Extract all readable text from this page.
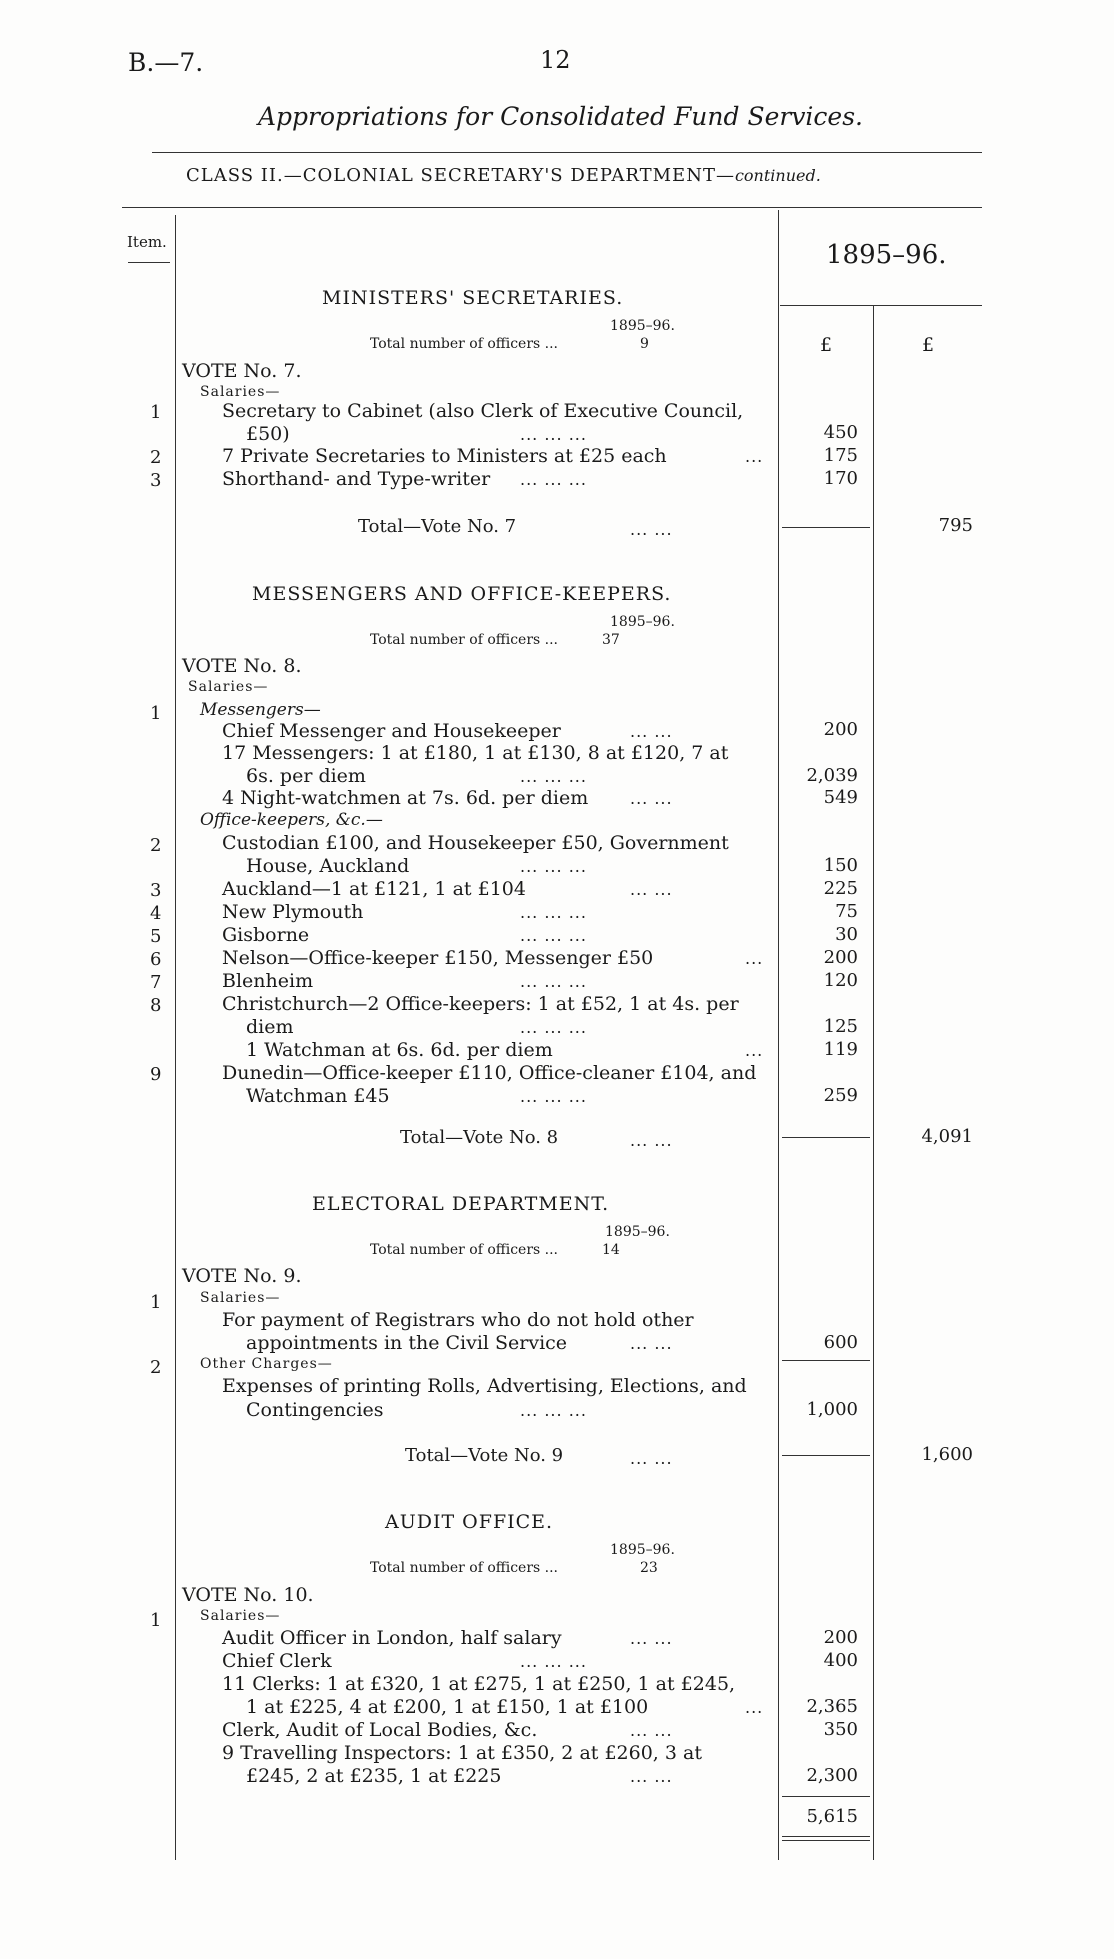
B.—7.	12
Appropriations for Consolidated Fund Services.
CLASS II.—COLONIAL SECRETARY'S DEPARTMENT—continued.
Item.	1895–96.
£	£
MINISTERS' SECRETARIES.
1895–96.
Total number of officers ...	9
VOTE No. 7.
Salaries—
1	Secretary to Cabinet (also Clerk of Executive Council,
£50)	... ... ...	450
2	7 Private Secretaries to Ministers at £25 each	...	175
3	Shorthand- and Type-writer ... ... ...	170
Total—Vote No. 7	... ...	795
MESSENGERS AND OFFICE-KEEPERS.
1895–96.
Total number of officers ...	37
VOTE No. 8.
Salaries—
1 Messengers—
Chief Messenger and Housekeeper	... ...	200
17 Messengers: 1 at £180, 1 at £130, 8 at £120, 7 at
6s. per diem	... ... ...	2,039
4 Night-watchmen at 7s. 6d. per diem	... ...	549
Office-keepers, &c.—
2	Custodian £100, and Housekeeper £50, Government
House, Auckland	... ... ...	150
3	Auckland—1 at £121, 1 at £104	... ...	225
4	New Plymouth	... ... ...	75
5	Gisborne	... ... ...	30
6	Nelson—Office-keeper £150, Messenger £50	...	200
7	Blenheim	... ... ...	120
8	Christchurch—2 Office-keepers: 1 at £52, 1 at 4s. per
diem	... ... ...	125
1 Watchman at 6s. 6d. per diem	...	119
9	Dunedin—Office-keeper £110, Office-cleaner £104, and
Watchman £45	... ... ...	259
Total—Vote No. 8	... ...	4,091
ELECTORAL DEPARTMENT.
1895–96.
Total number of officers ...	14
VOTE No. 9.
1	Salaries—
For payment of Registrars who do not hold other
appointments in the Civil Service	... ...	600
2	Other Charges—
Expenses of printing Rolls, Advertising, Elections, and
Contingencies	... ... ...	1,000
Total—Vote No. 9	... ...	1,600
AUDIT OFFICE.
1895–96.
Total number of officers ...	23
VOTE No. 10.
1	Salaries—
Audit Officer in London, half salary	... ...	200
Chief Clerk	... ... ...	400
11 Clerks: 1 at £320, 1 at £275, 1 at £250, 1 at £245,
1 at £225, 4 at £200, 1 at £150, 1 at £100	...	2,365
Clerk, Audit of Local Bodies, &c.	... ...	350
9 Travelling Inspectors: 1 at £350, 2 at £260, 3 at
£245, 2 at £235, 1 at £225	... ...	2,300
5,615
